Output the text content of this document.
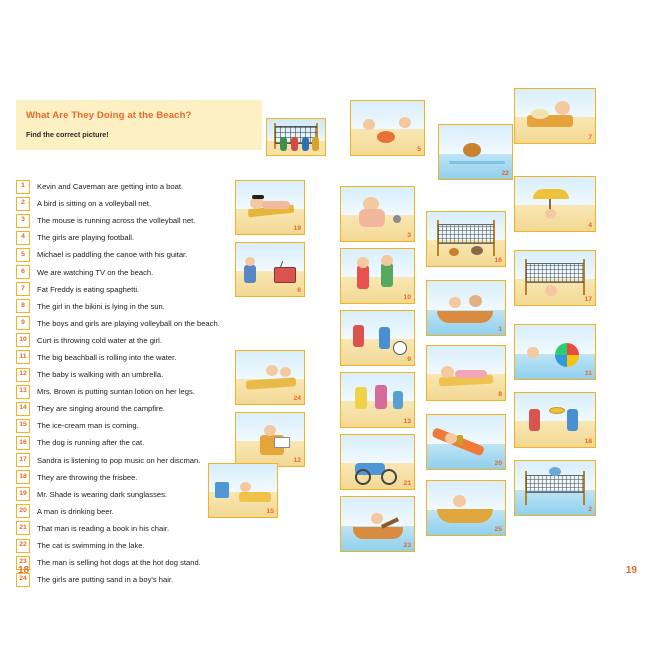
What Are They Doing at the Beach?
Find the correct picture!
1	Kevin and Caveman are getting into a boat.
2	A bird is sitting on a volleyball net.
3	The mouse is running across the volleyball net.
4	The girls are playing football.
5	Michael is paddling the canoe with his guitar.
6	We are watching TV on the beach.
7	Fat Freddy is eating spaghetti.
8	The girl in the bikini is lying in the sun.
9	The boys and girls are playing volleyball on the beach.
10	Curt is throwing cold water at the girl.
11	The big beachball is rolling into the water.
12	The baby is walking with an umbrella.
13	Mrs. Brown is putting suntan lotion on her legs.
14	They are singing around the campfire.
15	The ice-cream man is coming.
16	The dog is running after the cat.
17	Sandra is listening to pop music on her discman.
18	They are throwing the frisbee.
19	Mr. Shade is wearing dark sunglasses.
20	A man is drinking beer.
21	That man is reading a book in his chair.
22	The cat is swimming in the lake.
23	The man is selling hot dogs at the hot dog stand.
24	The girls are putting sand in a boy's hair.
19
6
24
12
15
18
3
10
9
13
21
23
5
22
16
1
8
20
25
7
4
17
11
18
2
19
